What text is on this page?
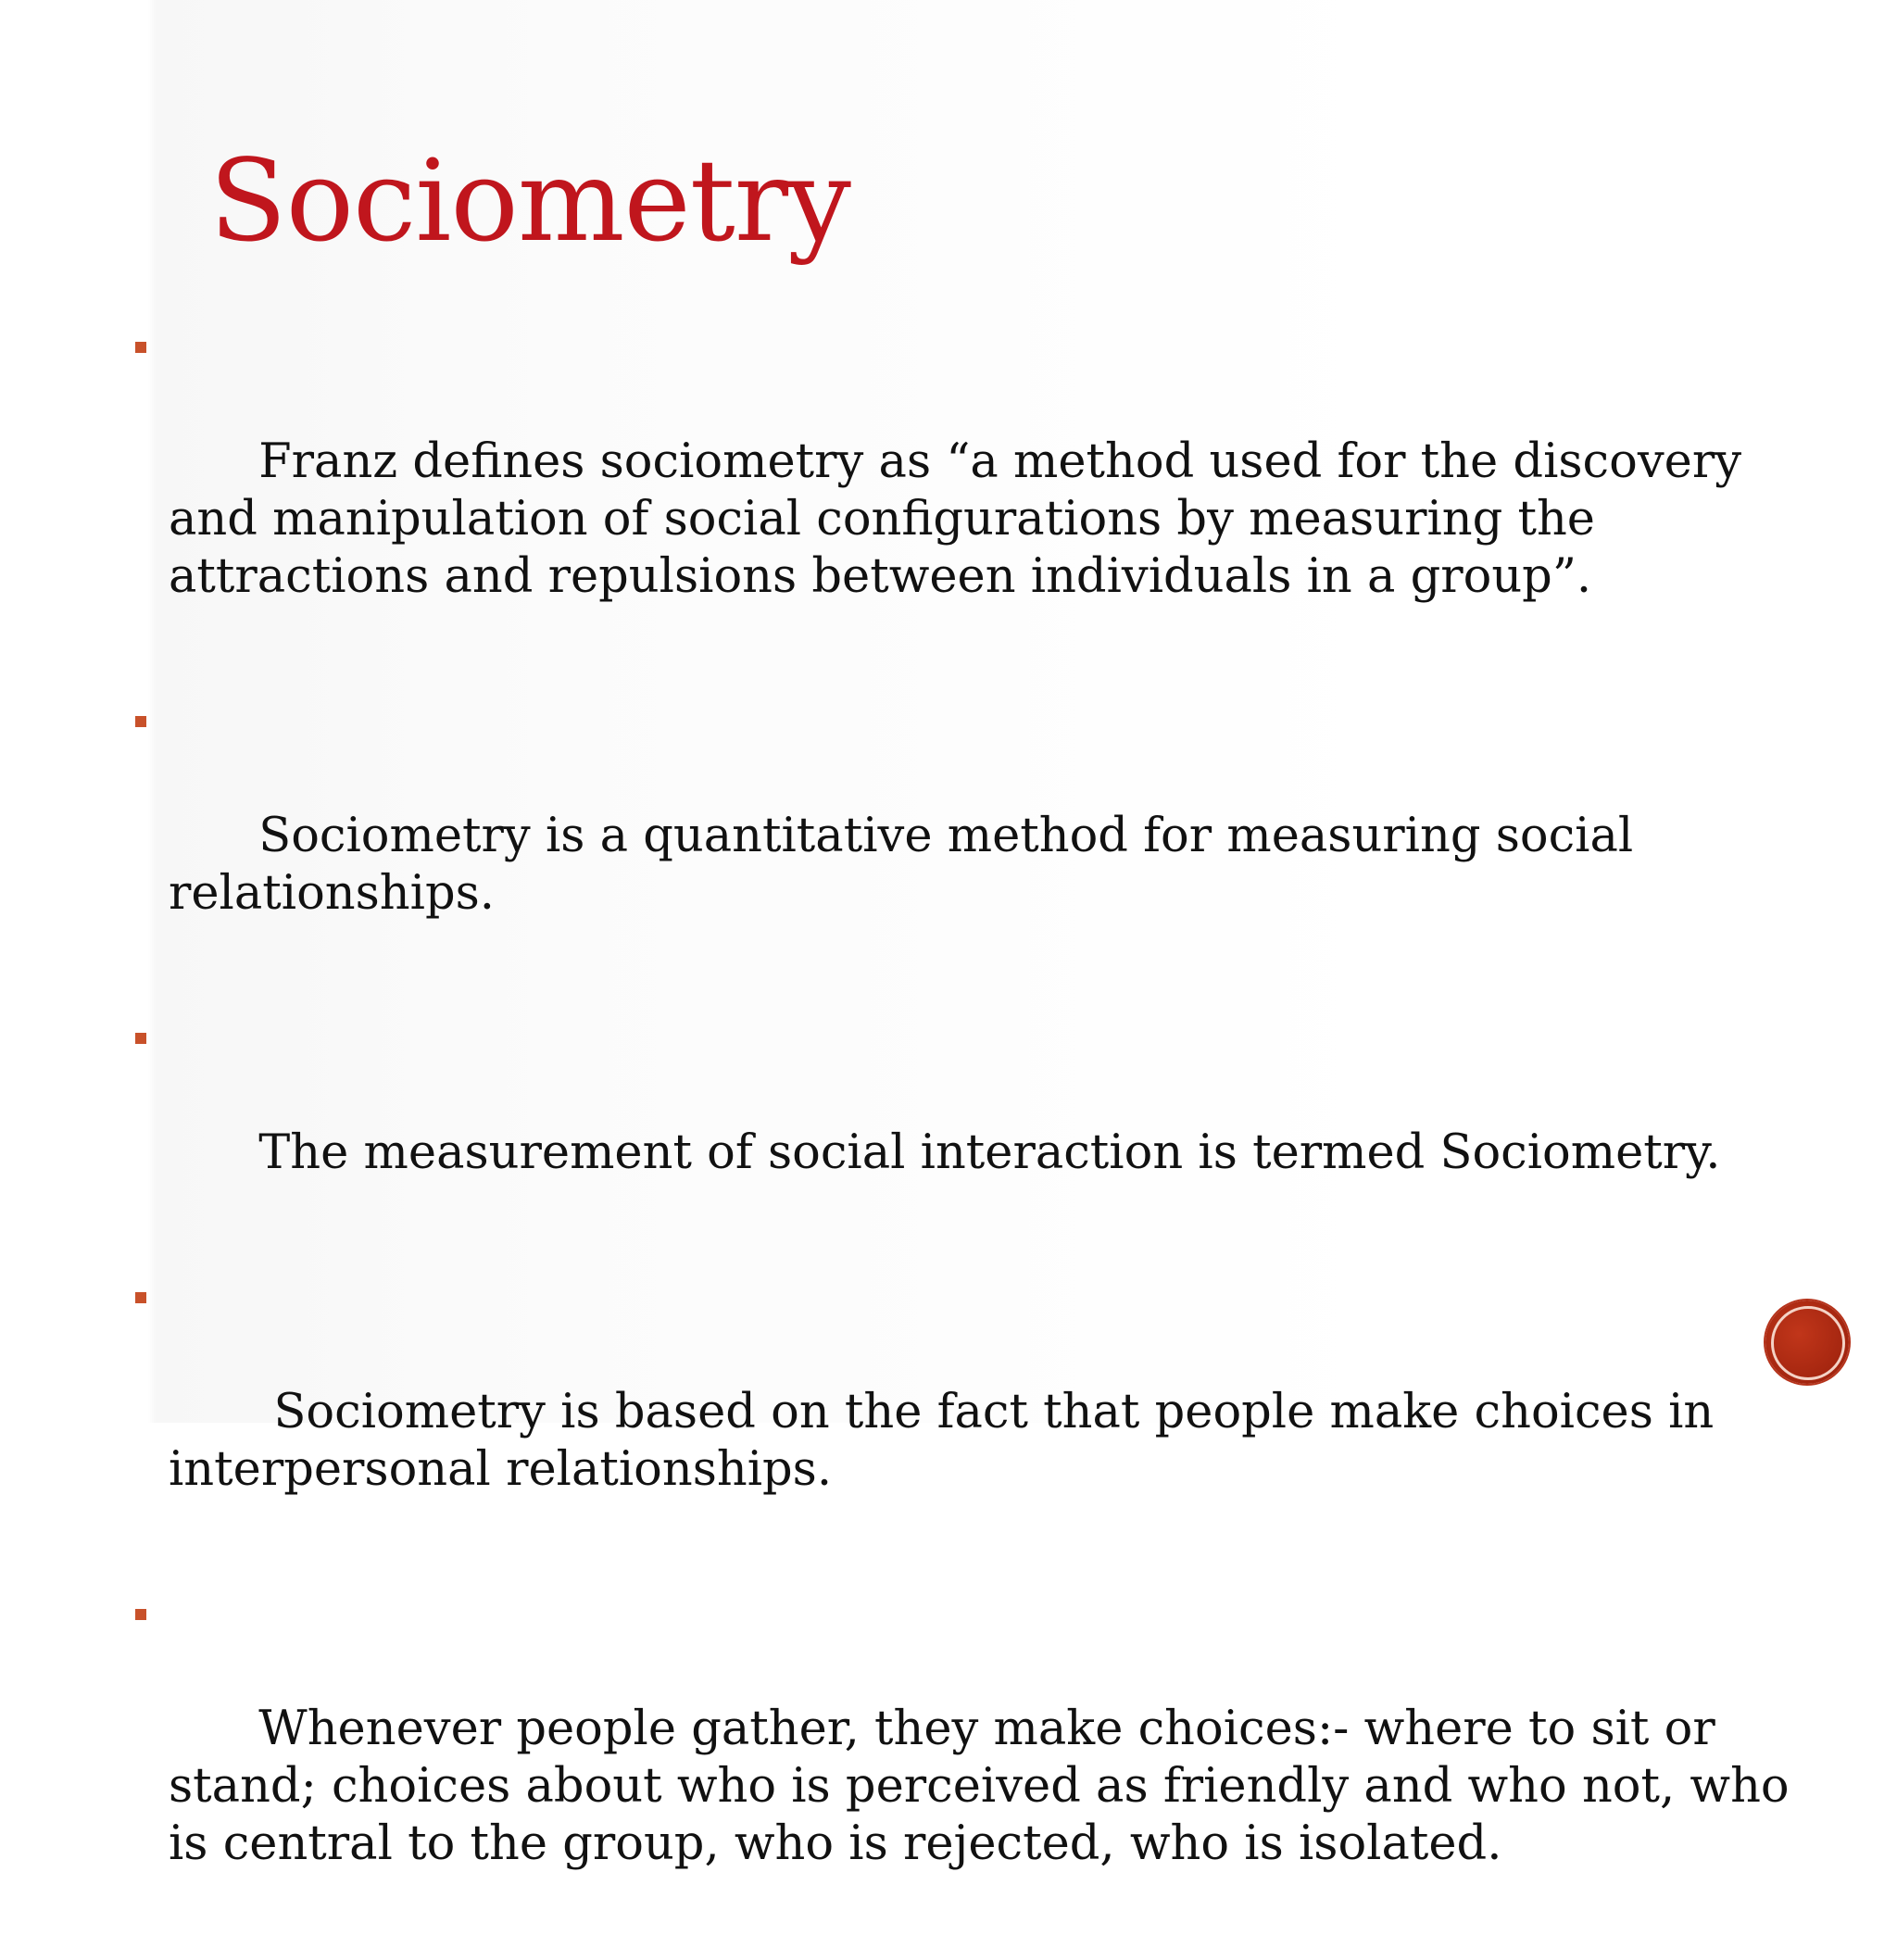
Sociometry

Franz defines sociometry as “a method used for the discovery and manipulation of social configurations by measuring the attractions and repulsions between individuals in a group”.

Sociometry is a quantitative method for measuring social relationships.

The measurement of social interaction is termed Sociometry.

Sociometry is based on the fact that people make choices in interpersonal relationships.

Whenever people gather, they make choices:- where to sit or stand; choices about who is perceived as friendly and who not, who is central to the group, who is rejected, who is isolated.
